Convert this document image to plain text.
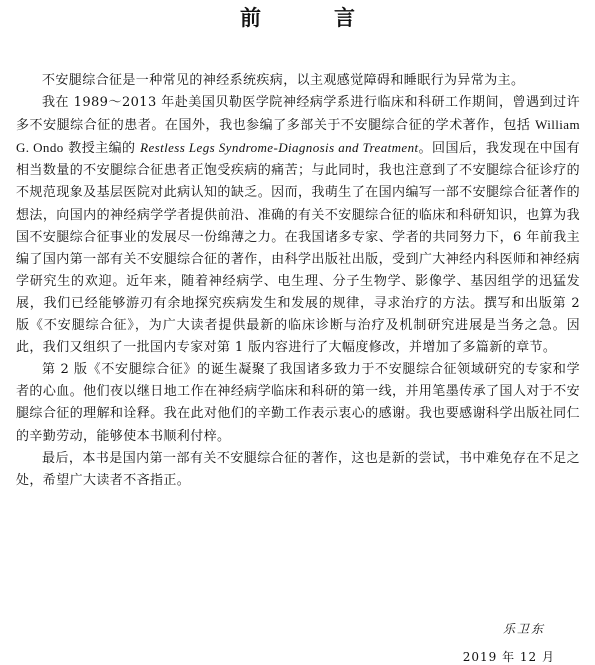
前　言

不安腿综合征是一种常见的神经系统疾病，以主观感觉障碍和睡眠行为异常为主。

我在 1989～2013 年赴美国贝勒医学院神经病学系进行临床和科研工作期间，曾遇到过许多不安腿综合征的患者。在国外，我也参编了多部关于不安腿综合征的学术著作，包括 William G. Ondo 教授主编的 Restless Legs Syndrome-Diagnosis and Treatment。回国后，我发现在中国有相当数量的不安腿综合征患者正饱受疾病的痛苦；与此同时，我也注意到了不安腿综合征诊疗的不规范现象及基层医院对此病认知的缺乏。因而，我萌生了在国内编写一部不安腿综合征著作的想法，向国内的神经病学学者提供前沿、准确的有关不安腿综合征的临床和科研知识，也算为我国不安腿综合征事业的发展尽一份绵薄之力。在我国诸多专家、学者的共同努力下，6 年前我主编了国内第一部有关不安腿综合征的著作，由科学出版社出版，受到广大神经内科医师和神经病学研究生的欢迎。近年来，随着神经病学、电生理、分子生物学、影像学、基因组学的迅猛发展，我们已经能够游刃有余地探究疾病发生和发展的规律，寻求治疗的方法。撰写和出版第 2 版《不安腿综合征》，为广大读者提供最新的临床诊断与治疗及机制研究进展是当务之急。因此，我们又组织了一批国内专家对第 1 版内容进行了大幅度修改，并增加了多篇新的章节。

第 2 版《不安腿综合征》的诞生凝聚了我国诸多致力于不安腿综合征领域研究的专家和学者的心血。他们夜以继日地工作在神经病学临床和科研的第一线，并用笔墨传承了国人对于不安腿综合征的理解和诠释。我在此对他们的辛勤工作表示衷心的感谢。我也要感谢科学出版社同仁的辛勤劳动，能够使本书顺利付梓。

最后，本书是国内第一部有关不安腿综合征的著作，这也是新的尝试，书中难免存在不足之处，希望广大读者不吝指正。

乐卫东
2019 年 12 月
